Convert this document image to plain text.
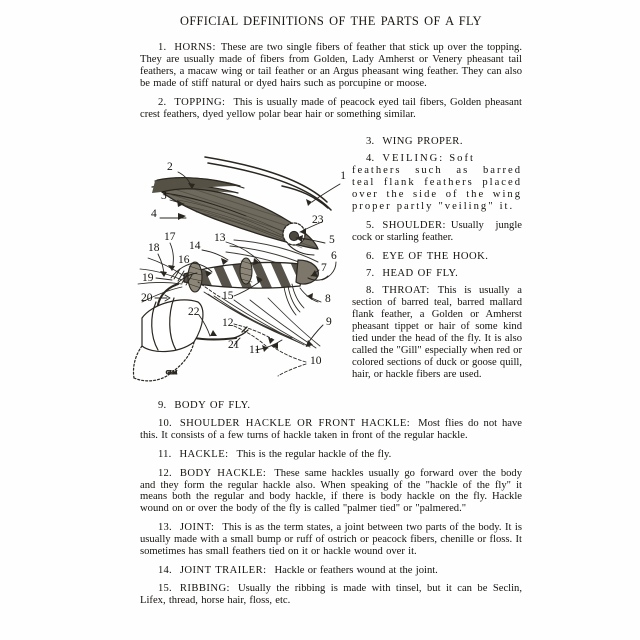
OFFICIAL DEFINITIONS OF THE PARTS OF A FLY

1. HORNS: These are two single fibers of feather that stick up over the topping. They are usually made of fibers from Golden, Lady Amherst or Venery pheasant tail feathers, a macaw wing or tail feather or an Argus pheasant wing feather. They can also be made of stiff natural or dyed hairs such as porcupine or moose.

2. TOPPING: This is usually made of peacock eyed tail fibers, Golden pheasant crest feathers, dyed yellow polar bear hair or something similar.

3. WING PROPER.

4. VEILING: Soft feathers such as barred teal flank feathers placed over the side of the wing proper partly "veiling" it.

5. SHOULDER: Usually jungle cock or starling feather.

6. EYE OF THE HOOK.

7. HEAD OF FLY.

8. THROAT: This is usually a section of barred teal, barred mallard flank feather, a Golden or Amherst pheasant tippet or hair of some kind tied under the head of the fly. It is also called the "Gill" especially when red or colored sections of duck or goose quill, hair, or hackle fibers are used.

GLM
1
2
3
4
5
6
7
8
9
10
11
12
13
14
15
16
17
18
19
20
21
22
23

9. BODY OF FLY.

10. SHOULDER HACKLE OR FRONT HACKLE: Most flies do not have this. It consists of a few turns of hackle taken in front of the regular hackle.

11. HACKLE: This is the regular hackle of the fly.

12. BODY HACKLE: These same hackles usually go forward over the body and they form the regular hackle also. When speaking of the "hackle of the fly" it means both the regular and body hackle, if there is body hackle on the fly. Hackle wound on or over the body of the fly is called "palmer tied" or "palmered."

13. JOINT: This is as the term states, a joint between two parts of the body. It is usually made with a small bump or ruff of ostrich or peacock fibers, chenille or floss. It sometimes has small feathers tied on it or hackle wound over it.

14. JOINT TRAILER: Hackle or feathers wound at the joint.

15. RIBBING: Usually the ribbing is made with tinsel, but it can be Seclin, Lifex, thread, horse hair, floss, etc.
